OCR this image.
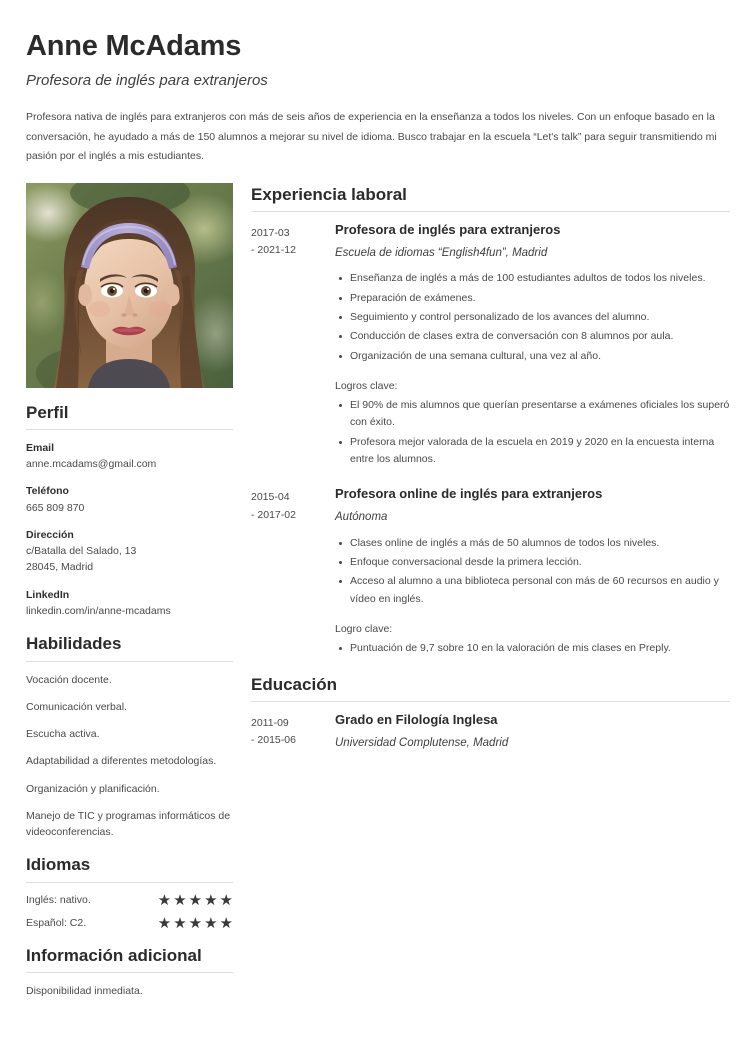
Anne McAdams
Profesora de inglés para extranjeros

Profesora nativa de inglés para extranjeros con más de seis años de experiencia en la enseñanza a todos los niveles. Con un enfoque basado en la conversación, he ayudado a más de 150 alumnos a mejorar su nivel de idioma. Busco trabajar en la escuela “Let's talk” para seguir transmitiendo mi pasión por el inglés a mis estudiantes.

Perfil
Email
anne.mcadams@gmail.com
Teléfono
665 809 870
Dirección
c/Batalla del Salado, 13
28045, Madrid
LinkedIn
linkedin.com/in/anne-mcadams
Habilidades
Vocación docente.
Comunicación verbal.
Escucha activa.
Adaptabilidad a diferentes metodologías.
Organización y planificación.
Manejo de TIC y programas informáticos de videoconferencias.
Idiomas
Inglés: nativo.	★ ★ ★ ★ ★
Español: C2.	★ ★ ★ ★ ★
Información adicional
Disponibilidad inmediata.
Experiencia laboral
2017-03
- 2021-12
Profesora de inglés para extranjeros
Escuela de idiomas “English4fun”, Madrid
Enseñanza de inglés a más de 100 estudiantes adultos de todos los niveles.
Preparación de exámenes.
Seguimiento y control personalizado de los avances del alumno.
Conducción de clases extra de conversación con 8 alumnos por aula.
Organización de una semana cultural, una vez al año.
Logros clave:
El 90% de mis alumnos que querían presentarse a exámenes oficiales los superó con éxito.
Profesora mejor valorada de la escuela en 2019 y 2020 en la encuesta interna entre los alumnos.
2015-04
- 2017-02
Profesora online de inglés para extranjeros
Autónoma
Clases online de inglés a más de 50 alumnos de todos los niveles.
Enfoque conversacional desde la primera lección.
Acceso al alumno a una biblioteca personal con más de 60 recursos en audio y vídeo en inglés.
Logro clave:
Puntuación de 9,7 sobre 10 en la valoración de mis clases en Preply.
Educación
2011-09
- 2015-06
Grado en Filología Inglesa
Universidad Complutense, Madrid
